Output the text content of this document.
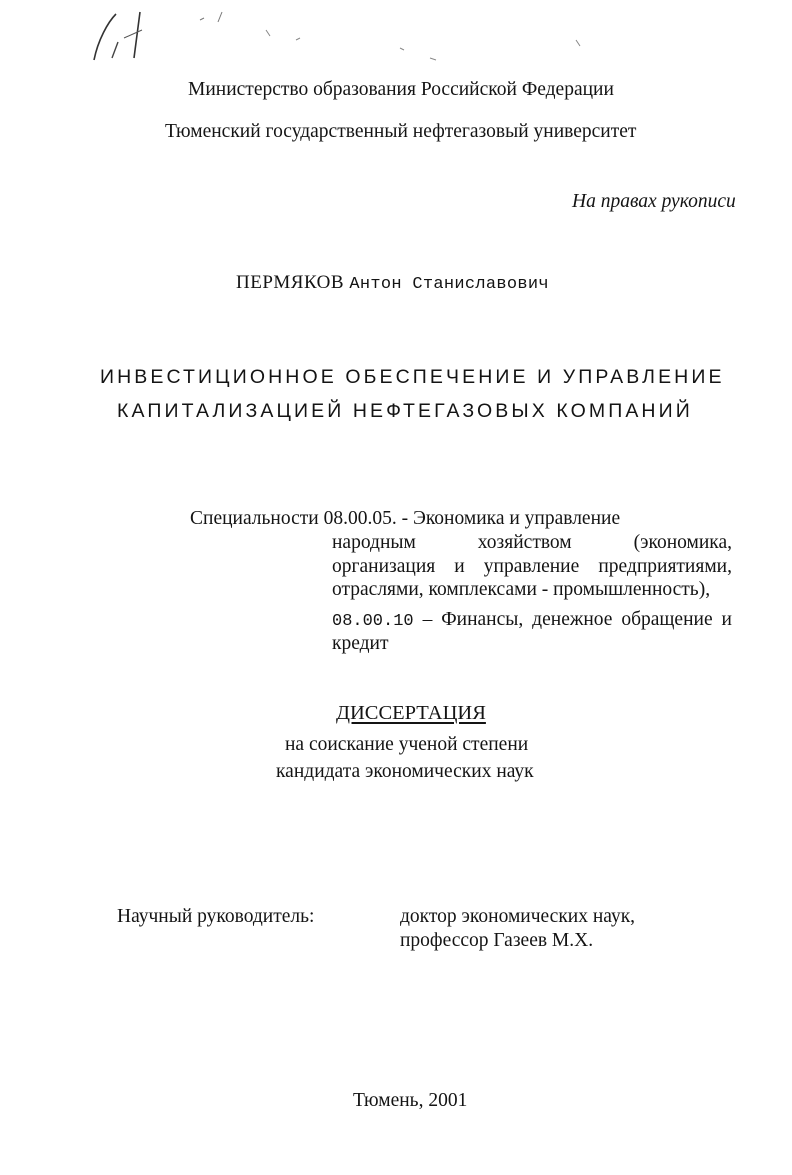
Министерство образования Российской Федерации
Тюменский государственный нефтегазовый университет
На правах рукописи
ПЕРМЯКОВ Антон Станиславович
ИНВЕСТИЦИОННОЕ ОБЕСПЕЧЕНИЕ И УПРАВЛЕНИЕ
КАПИТАЛИЗАЦИЕЙ НЕФТЕГАЗОВЫХ КОМПАНИЙ
Специальности 08.00.05. - Экономика и управление
народным хозяйством (экономика,
организация и управление предприятиями,
отраслями, комплексами - промышленность),
08.00.10 – Финансы, денежное обращение и
кредит
ДИССЕРТАЦИЯ
на соискание ученой степени
кандидата экономических наук
Научный руководитель:	доктор экономических наук,
профессор Газеев М.Х.
Тюмень, 2001
